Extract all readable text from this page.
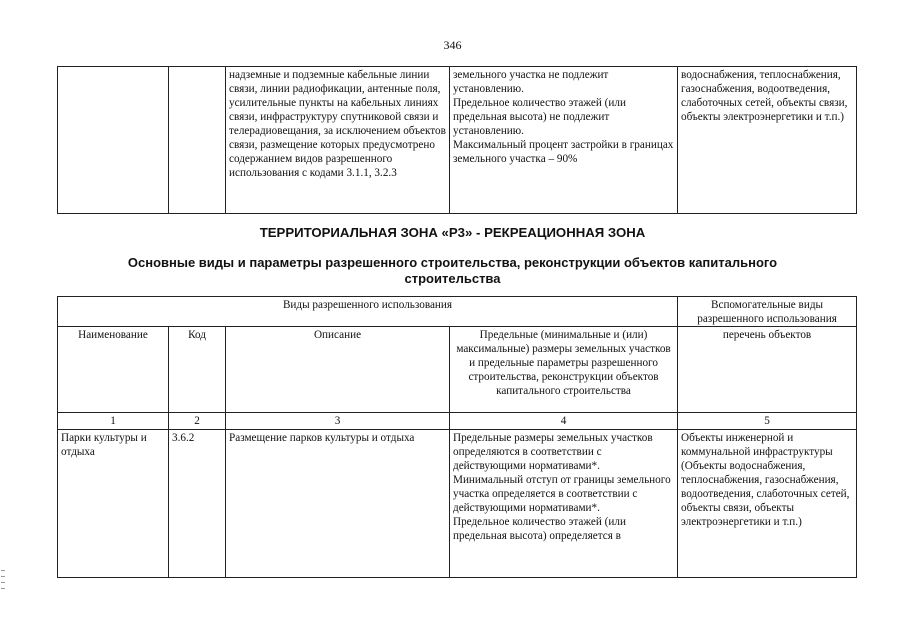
346
		надземные и подземные кабельные линии связи, линии радиофикации, антенные поля, усилительные пункты на кабельных линиях связи, инфраструктуру спутниковой связи и телерадиовещания, за исключением объектов связи, размещение которых предусмотрено содержанием видов разрешенного использования с кодами 3.1.1, 3.2.3	земельного участка не подлежит установлению.
Предельное количество этажей (или предельная высота) не подлежит установлению.
Максимальный процент застройки в границах земельного участка – 90%	водоснабжения, теплоснабжения, газоснабжения, водоотведения, слаботочных сетей, объекты связи, объекты электроэнергетики и т.п.)
ТЕРРИТОРИАЛЬНАЯ ЗОНА «Р3» - РЕКРЕАЦИОННАЯ ЗОНА
Основные виды и параметры разрешенного строительства, реконструкции объектов капитального строительства
Виды разрешенного использования				Вспомогательные виды разрешенного использования
Наименование	Код	Описание	Предельные (минимальные и (или) максимальные) размеры земельных участков и предельные параметры разрешенного строительства, реконструкции объектов капитального строительства	перечень объектов
1	2	3	4	5
Парки культуры и отдыха	3.6.2	Размещение парков культуры и отдыха	Предельные размеры земельных участков определяются в соответствии с действующими нормативами*.
Минимальный отступ от границы земельного участка определяется в соответствии с действующими нормативами*.
Предельное количество этажей (или предельная высота) определяется в	Объекты инженерной и коммунальной инфраструктуры (Объекты водоснабжения, теплоснабжения, газоснабжения, водоотведения, слаботочных сетей, объекты связи, объекты электроэнергетики и т.п.)
